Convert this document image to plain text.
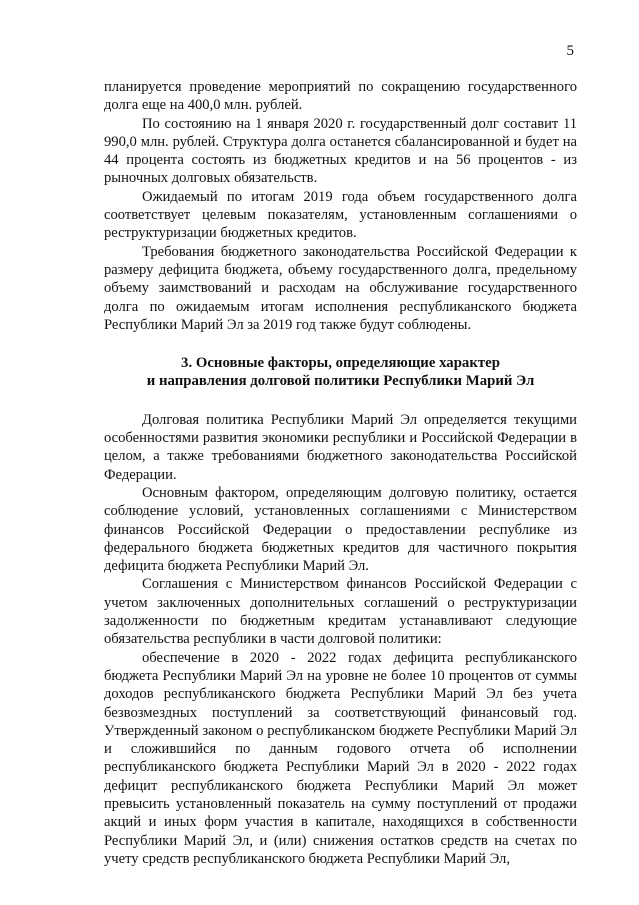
5

планируется проведение мероприятий по сокращению государственного долга еще на 400,0 млн. рублей.

По состоянию на 1 января 2020 г. государственный долг составит 11 990,0 млн. рублей. Структура долга останется сбалансированной и будет на 44 процента состоять из бюджетных кредитов и на 56 процентов - из рыночных долговых обязательств.

Ожидаемый по итогам 2019 года объем государственного долга соответствует целевым показателям, установленным соглашениями о реструктуризации бюджетных кредитов.

Требования бюджетного законодательства Российской Федерации к размеру дефицита бюджета, объему государственного долга, предельному объему заимствований и расходам на обслуживание государственного долга по ожидаемым итогам исполнения республиканского бюджета Республики Марий Эл за 2019 год также будут соблюдены.

3. Основные факторы, определяющие характер
и направления долговой политики Республики Марий Эл

Долговая политика Республики Марий Эл определяется текущими особенностями развития экономики республики и Российской Федерации в целом, а также требованиями бюджетного законодательства Российской Федерации.

Основным фактором, определяющим долговую политику, остается соблюдение условий, установленных соглашениями с Министерством финансов Российской Федерации о предоставлении республике из федерального бюджета бюджетных кредитов для частичного покрытия дефицита бюджета Республики Марий Эл.

Соглашения с Министерством финансов Российской Федерации с учетом заключенных дополнительных соглашений о реструктуризации задолженности по бюджетным кредитам устанавливают следующие обязательства республики в части долговой политики:

обеспечение в 2020 - 2022 годах дефицита республиканского бюджета Республики Марий Эл на уровне не более 10 процентов от суммы доходов республиканского бюджета Республики Марий Эл без учета безвозмездных поступлений за соответствующий финансовый год. Утвержденный законом о республиканском бюджете Республики Марий Эл и сложившийся по данным годового отчета об исполнении республиканского бюджета Республики Марий Эл в 2020 - 2022 годах дефицит республиканского бюджета Республики Марий Эл может превысить установленный показатель на сумму поступлений от продажи акций и иных форм участия в капитале, находящихся в собственности Республики Марий Эл, и (или) снижения остатков средств на счетах по учету средств республиканского бюджета Республики Марий Эл,
